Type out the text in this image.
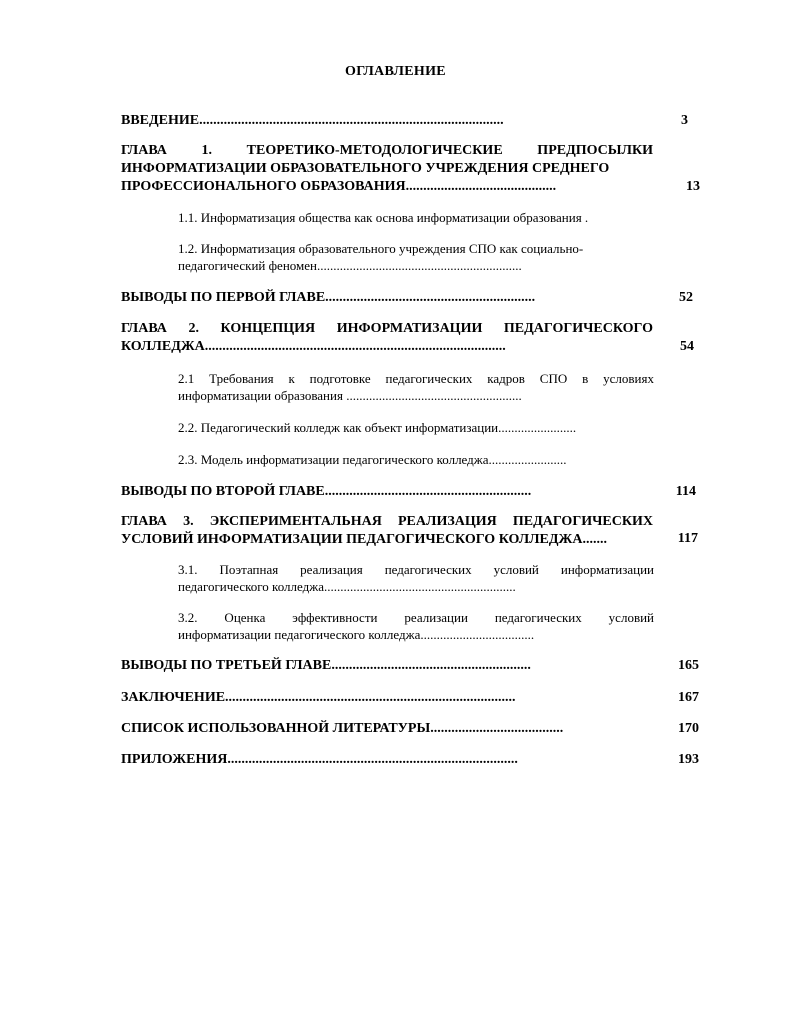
ОГЛАВЛЕНИЕ
ВВЕДЕНИЕ.......................................................................................	3
ГЛАВА 1. ТЕОРЕТИКО-МЕТОДОЛОГИЧЕСКИЕ ПРЕДПОСЫЛКИ
ИНФОРМАТИЗАЦИИ ОБРАЗОВАТЕЛЬНОГО УЧРЕЖДЕНИЯ СРЕДНЕГО
ПРОФЕССИОНАЛЬНОГО ОБРАЗОВАНИЯ...........................................	13
1.1. Информатизация общества как основа информатизации образования .
1.2. Информатизация образовательного учреждения СПО как социально-
педагогический феномен...............................................................
ВЫВОДЫ ПО ПЕРВОЙ ГЛАВЕ............................................................	52
ГЛАВА 2. КОНЦЕПЦИЯ ИНФОРМАТИЗАЦИИ ПЕДАГОГИЧЕСКОГО
КОЛЛЕДЖА......................................................................................	54
2.1 Требования к подготовке педагогических кадров СПО в условиях
информатизации образования ......................................................
2.2. Педагогический колледж как объект информатизации........................
2.3. Модель информатизации педагогического колледжа........................
ВЫВОДЫ ПО ВТОРОЙ ГЛАВЕ...........................................................	114
ГЛАВА 3. ЭКСПЕРИМЕНТАЛЬНАЯ РЕАЛИЗАЦИЯ ПЕДАГОГИЧЕСКИХ
УСЛОВИЙ ИНФОРМАТИЗАЦИИ ПЕДАГОГИЧЕСКОГО КОЛЛЕДЖА.......	117
3.1. Поэтапная реализация педагогических условий информатизации
педагогического колледжа...........................................................
3.2. Оценка эффективности реализации педагогических условий
информатизации педагогического колледжа...................................
ВЫВОДЫ ПО ТРЕТЬЕЙ ГЛАВЕ.........................................................	165
ЗАКЛЮЧЕНИЕ...................................................................................	167
СПИСОК ИСПОЛЬЗОВАННОЙ ЛИТЕРАТУРЫ......................................	170
ПРИЛОЖЕНИЯ...................................................................................	193
